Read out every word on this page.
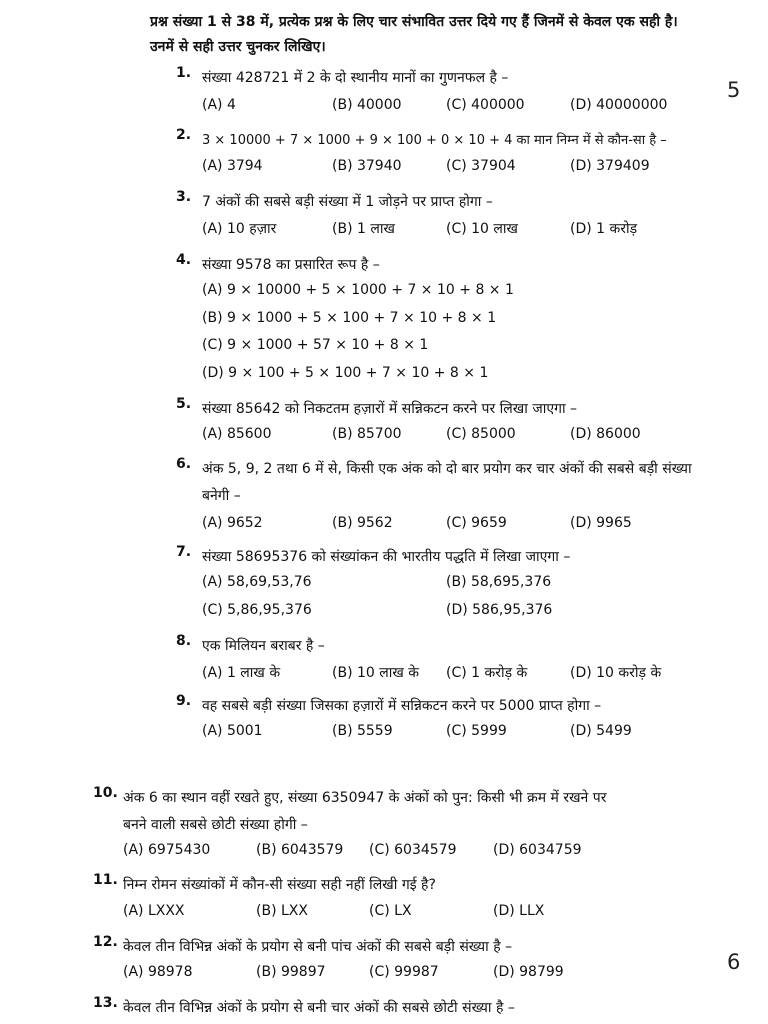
5
6
प्रश्न संख्या 1 से 38 में, प्रत्येक प्रश्न के लिए चार संभावित उत्तर दिये गए हैं जिनमें से केवल एक सही है। उनमें से सही उत्तर चुनकर लिखिए।
1. संख्या 428721 में 2 के दो स्थानीय मानों का गुणनफल है –
(A) 4	(B) 40000	(C) 400000	(D) 40000000
2. 3 × 10000 + 7 × 1000 + 9 × 100 + 0 × 10 + 4 का मान निम्न में से कौन-सा है –
(A) 3794	(B) 37940	(C) 37904	(D) 379409
3. 7 अंकों की सबसे बड़ी संख्या में 1 जोड़ने पर प्राप्त होगा –
(A) 10 हज़ार	(B) 1 लाख	(C) 10 लाख	(D) 1 करोड़
4. संख्या 9578 का प्रसारित रूप है –
(A) 9 × 10000 + 5 × 1000 + 7 × 10 + 8 × 1
(B) 9 × 1000 + 5 × 100 + 7 × 10 + 8 × 1
(C) 9 × 1000 + 57 × 10 + 8 × 1
(D) 9 × 100 + 5 × 100 + 7 × 10 + 8 × 1
5. संख्या 85642 को निकटतम हज़ारों में सन्निकटन करने पर लिखा जाएगा –
(A) 85600	(B) 85700	(C) 85000	(D) 86000
6. अंक 5, 9, 2 तथा 6 में से, किसी एक अंक को दो बार प्रयोग कर चार अंकों की सबसे बड़ी संख्या बनेगी –
(A) 9652	(B) 9562	(C) 9659	(D) 9965
7. संख्या 58695376 को संख्यांकन की भारतीय पद्धति में लिखा जाएगा –
(A) 58,69,53,76	(B) 58,695,376
(C) 5,86,95,376	(D) 586,95,376
8. एक मिलियन बराबर है –
(A) 1 लाख के	(B) 10 लाख के (C) 1 करोड़ के	(D) 10 करोड़ के
9. वह सबसे बड़ी संख्या जिसका हज़ारों में सन्निकटन करने पर 5000 प्राप्त होगा –
(A) 5001	(B) 5559	(C) 5999	(D) 5499
10. अंक 6 का स्थान वहीं रखते हुए, संख्या 6350947 के अंकों को पुन: किसी भी क्रम में रखने पर बनने वाली सबसे छोटी संख्या होगी –
(A) 6975430	(B) 6043579 (C) 6034579	(D) 6034759
11. निम्न रोमन संख्यांकों में कौन-सी संख्या सही नहीं लिखी गई है?
(A) LXXX	(B) LXX	(C) LX	(D) LLX
12. केवल तीन विभिन्न अंकों के प्रयोग से बनी पांच अंकों की सबसे बड़ी संख्या है –
(A) 98978	(B) 99897	(C) 99987	(D) 98799
13. केवल तीन विभिन्न अंकों के प्रयोग से बनी चार अंकों की सबसे छोटी संख्या है –
